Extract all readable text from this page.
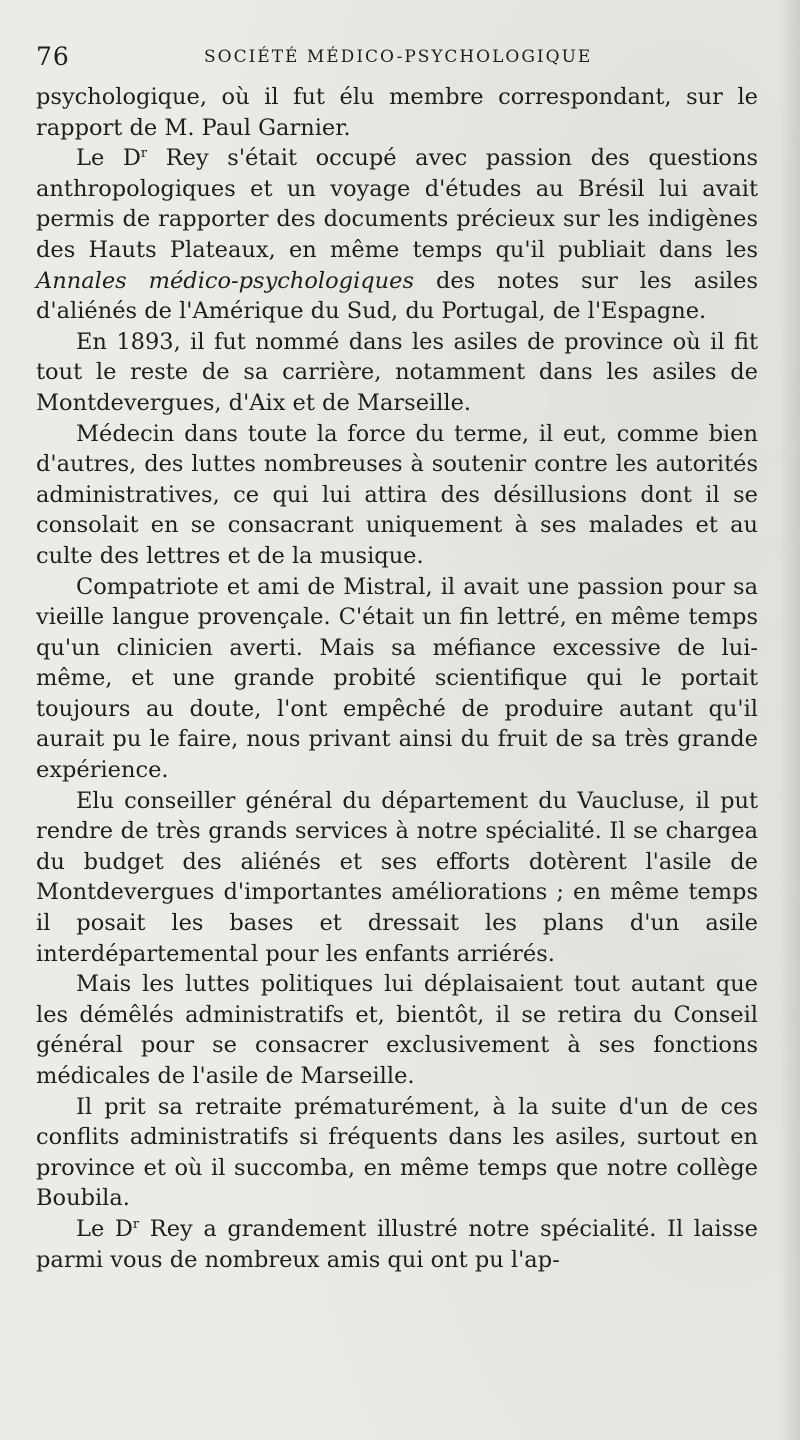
76	SOCIÉTÉ MÉDICO-PSYCHOLOGIQUE

psychologique, où il fut élu membre correspondant, sur le rapport de M. Paul Garnier.

Le $D^r$ Rey s'était occupé avec passion des questions anthropologiques et un voyage d'études au Brésil lui avait permis de rapporter des documents précieux sur les indigènes des Hauts Plateaux, en même temps qu'il publiait dans les Annales médico-psychologiques des notes sur les asiles d'aliénés de l'Amérique du Sud, du Portugal, de l'Espagne.

En 1893, il fut nommé dans les asiles de province où il fit tout le reste de sa carrière, notamment dans les asiles de Montdevergues, d'Aix et de Marseille.

Médecin dans toute la force du terme, il eut, comme bien d'autres, des luttes nombreuses à soutenir contre les autorités administratives, ce qui lui attira des désillusions dont il se consolait en se consacrant uniquement à ses malades et au culte des lettres et de la musique.

Compatriote et ami de Mistral, il avait une passion pour sa vieille langue provençale. C'était un fin lettré, en même temps qu'un clinicien averti. Mais sa méfiance excessive de lui-même, et une grande probité scientifique qui le portait toujours au doute, l'ont empêché de produire autant qu'il aurait pu le faire, nous privant ainsi du fruit de sa très grande expérience.

Elu conseiller général du département du Vaucluse, il put rendre de très grands services à notre spécialité. Il se chargea du budget des aliénés et ses efforts dotèrent l'asile de Montdevergues d'importantes améliorations ; en même temps il posait les bases et dressait les plans d'un asile interdépartemental pour les enfants arriérés.

Mais les luttes politiques lui déplaisaient tout autant que les démêlés administratifs et, bientôt, il se retira du Conseil général pour se consacrer exclusivement à ses fonctions médicales de l'asile de Marseille.

Il prit sa retraite prématurément, à la suite d'un de ces conflits administratifs si fréquents dans les asiles, surtout en province et où il succomba, en même temps que notre collège Boubila.

Le $D^r$ Rey a grandement illustré notre spécialité. Il laisse parmi vous de nombreux amis qui ont pu l'ap-
